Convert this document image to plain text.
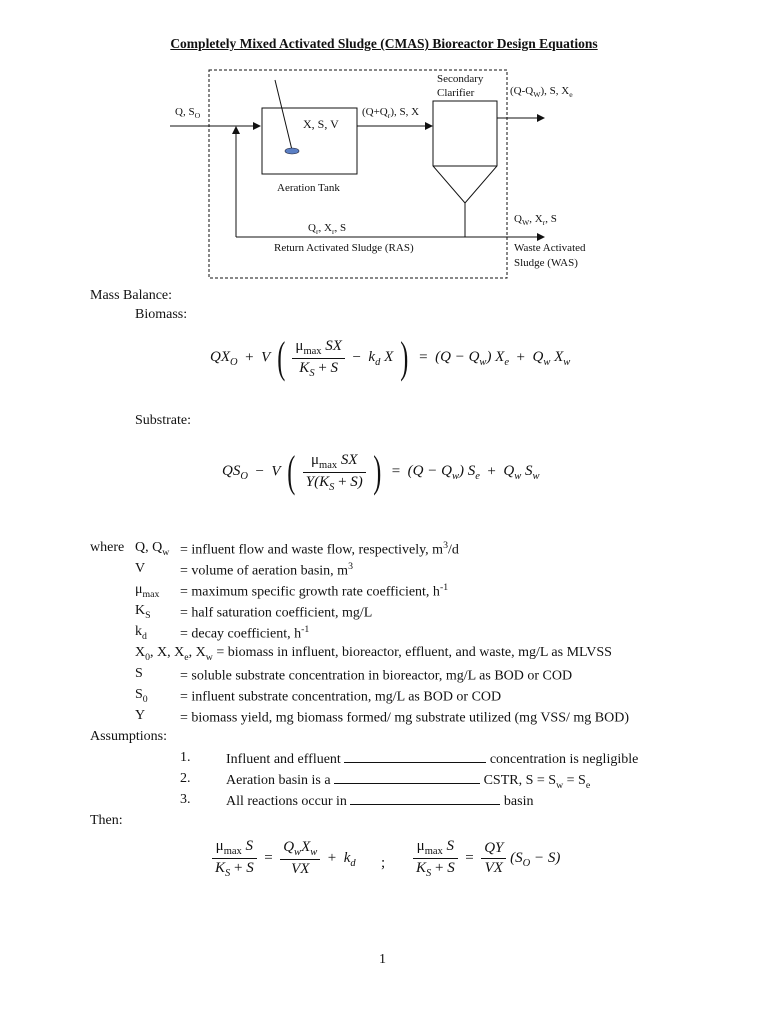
Completely Mixed Activated Sludge (CMAS) Bioreactor Design Equations
Q, $S_O$
X, S, V
Aeration Tank
$(Q+Q_r)$, S, X
Secondary
Clarifier	$(Q-Q_W)$, S, $X_e$
$Q_r$, $X_r$, S
Return Activated Sludge (RAS)
$Q_W$, $X_r$, S
Waste Activated
Sludge (WAS)
Mass Balance:
Biomass:
$QX_O + V$ ( $\frac{\mu_{max} SX}{K_S + S} - k_d$ X )  =  $(Q - Q_w)$ $X_e + Q_w$ $X_w$
Substrate:
$QS_O - V$ ( $\frac{\mu_{max} SX}{Y(K_S + S)}$ )  =  $(Q - Q_w)$ $S_e + Q_w$ $S_w$
where Q, $Q_w$ = influent flow and waste flow, respectively, $m^3/d$
V = volume of aeration basin, $m^3$
$\mu_{max}$ = maximum specific growth rate coefficient, $h^{-1}$
$K_S$ = half saturation coefficient, mg/L
$k_d$ = decay coefficient, $h^{-1}$
$X_0$, X, $X_e$, $X_w$ = biomass in influent, bioreactor, effluent, and waste, mg/L as MLVSS
S	= soluble substrate concentration in bioreactor, mg/L as BOD or COD
$S_0$ = influent substrate concentration, mg/L as BOD or COD
Y = biomass yield, mg biomass formed/ mg substrate utilized (mg VSS/ mg BOD)
Assumptions:
1.	Influent and effluent	concentration is negligible
2.	Aeration basin is a	CSTR, $S = S_w = S_e$
3.	All reactions occur in	basin
Then:
$\frac{\mu_{max} S}{K_S + S} = \frac{Q_wX_w}{VX} + k_d$ ; $\frac{\mu_{max} S}{K_S + S} = \frac{QY}{VX} (S_O - S)$
1
